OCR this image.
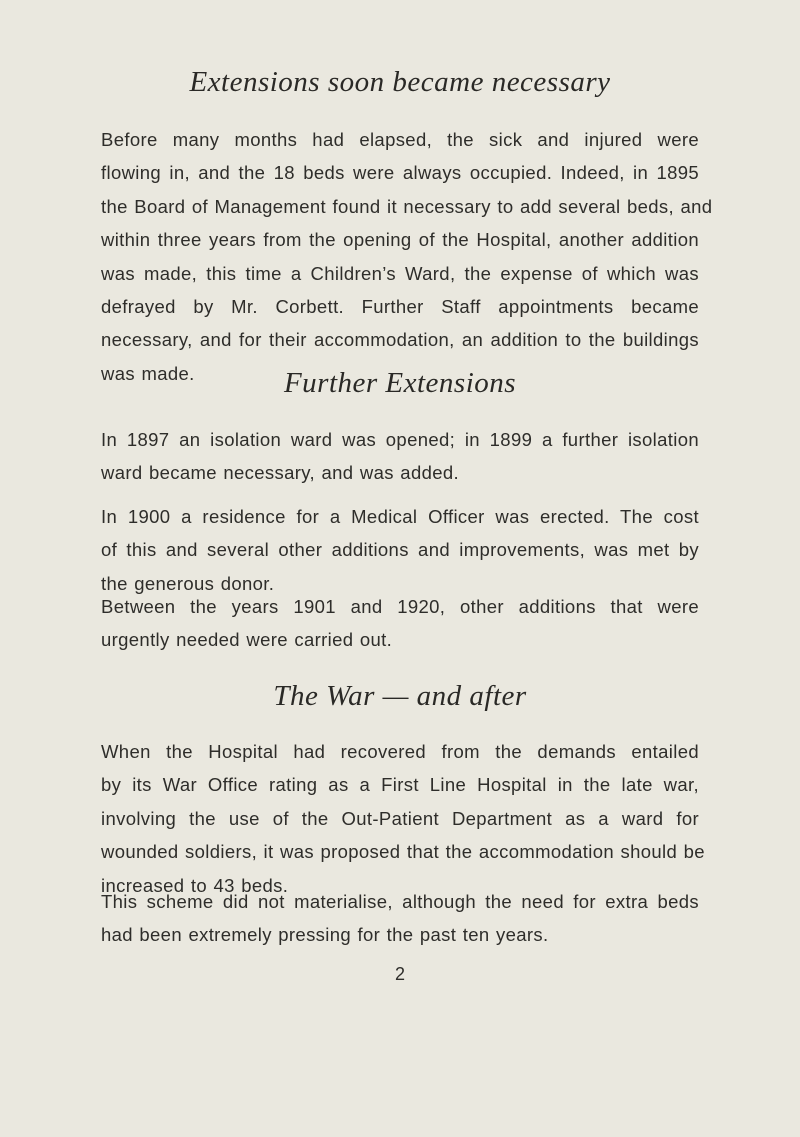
Extensions soon became necessary
Before many months had elapsed, the sick and injured were
flowing in, and the 18 beds were always occupied. Indeed, in 1895
the Board of Management found it necessary to add several beds, and
within three years from the opening of the Hospital, another addition
was made, this time a Children’s Ward, the expense of which was
defrayed by Mr. Corbett. Further Staff appointments became
necessary, and for their accommodation, an addition to the buildings
was made.	Further Extensions
In 1897 an isolation ward was opened; in 1899 a further isolation
ward became necessary, and was added.
In 1900 a residence for a Medical Officer was erected. The cost
of this and several other additions and improvements, was met by
the generous donor.
Between the years 1901 and 1920, other additions that were
urgently needed were carried out.
The War — and after
When the Hospital had recovered from the demands entailed
by its War Office rating as a First Line Hospital in the late war,
involving the use of the Out-Patient Department as a ward for
wounded soldiers, it was proposed that the accommodation should be
increased to 43 beds.
This scheme did not materialise, although the need for extra beds
had been extremely pressing for the past ten years.
2
